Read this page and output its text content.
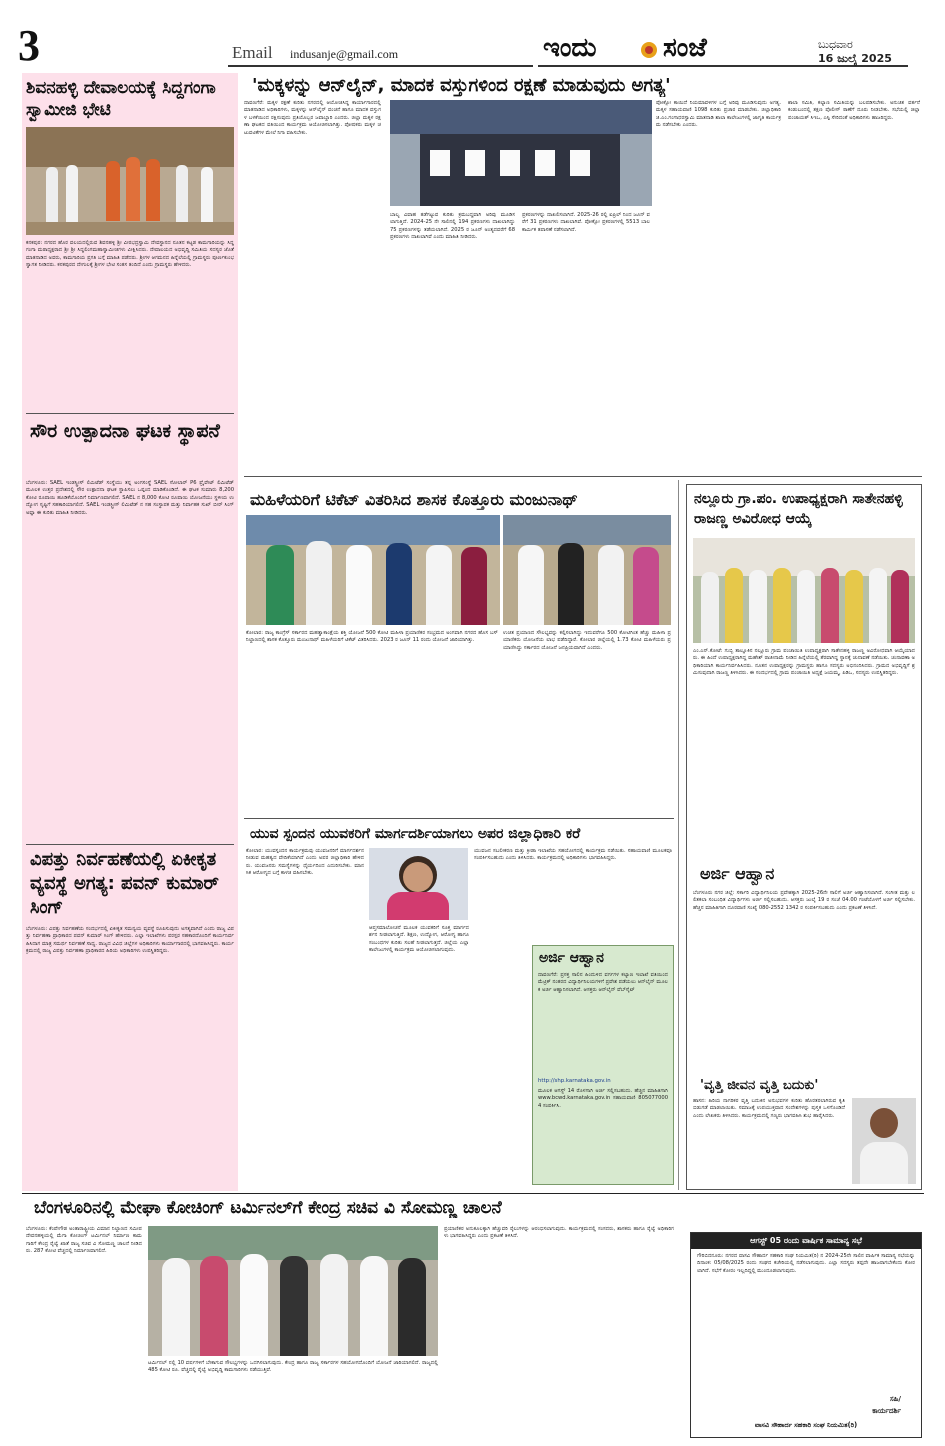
3	Email indusanje@gmail.com	ಇಂದು	ಸಂಜೆ	ಬುಧವಾರ
16 ಜುಲೈ 2025
ಶಿವನಹಳ್ಳಿ ದೇವಾಲಯಕ್ಕೆ ಸಿದ್ದಗಂಗಾ ಸ್ವಾಮೀಜಿ ಭೇಟಿ
ಕನಕಪುರ: ನಗರದ ಹೊರ ವಲಯದಲ್ಲಿರುವ ಶಿವನಹಳ್ಳಿ ಶ್ರೀ ವೀರಭದ್ರಸ್ವಾಮಿ ದೇವಸ್ಥಾನದ ನೂತನ ಕಟ್ಟಡ ಕಾಮಗಾರಿಯನ್ನು ಸಿದ್ದಗಂಗಾ ಮಠಾಧ್ಯಕ್ಷರಾದ ಶ್ರೀ ಶ್ರೀ ಸಿದ್ದಲಿಂಗಮಹಾಸ್ವಾಮೀಜಿಗಳು ವೀಕ್ಷಿಸಿದರು. ದೇವಾಲಯದ ಅಭಿವೃದ್ಧಿ ಸಮಿತಿಯ ಸದಸ್ಯರ ಜೊತೆ ಮಾತನಾಡಿದ ಅವರು, ಕಾಮಗಾರಿಯ ಪ್ರಗತಿ ಬಗ್ಗೆ ಮಾಹಿತಿ ಪಡೆದರು. ಶ್ರೀಗಳ ಆಗಮನದ ಹಿನ್ನೆಲೆಯಲ್ಲಿ ಗ್ರಾಮಸ್ಥರು ಪೂರ್ಣಕುಂಭ ಸ್ವಾಗತ ನೀಡಿದರು. ಕನಕಪುರದ ದೇಗುಲಕ್ಕೆ ಶ್ರೀಗಳ ಭೇಟಿ ಸಂತಸ ತಂದಿದೆ ಎಂದು ಗ್ರಾಮಸ್ಥರು ಹೇಳಿದರು.
ಸೌರ ಉತ್ಪಾದನಾ ಘಟಕ ಸ್ಥಾಪನೆ
ಬೆಂಗಳೂರು: SAEL ಇಂಡಸ್ಟ್ರೀಸ್ ಲಿಮಿಟೆಡ್ ಸಂಸ್ಥೆಯು ತನ್ನ ಅಂಗಸಂಸ್ಥೆ SAEL ಸೋಲಾರ್ P6 ಪ್ರೈವೇಟ್ ಲಿಮಿಟೆಡ್ ಮೂಲಕ ಉತ್ತರ ಪ್ರದೇಶದಲ್ಲಿ ಸೌರ ಉತ್ಪಾದನಾ ಘಟಕ ಸ್ಥಾಪಿಸಲು ಒಪ್ಪಂದ ಮಾಡಿಕೊಂಡಿದೆ. ಈ ಘಟಕ ಸುಮಾರು 8,200 ಕೋಟಿ ರೂಪಾಯಿ ಹೂಡಿಕೆಯೊಂದಿಗೆ ನಿರ್ಮಾಣವಾಗಲಿದೆ. SAEL ನ 8,000 ಕೋಟಿ ರೂಪಾಯಿ ಯೋಜನೆಯು ಸ್ಥಳೀಯ ಉದ್ಯೋಗ ಸೃಷ್ಟಿಗೆ ಸಹಕಾರಿಯಾಗಲಿದೆ. SAEL ಇಂಡಸ್ಟ್ರೀಸ್ ಲಿಮಿಟೆಡ್ ನ ಸಹ ಸಂಸ್ಥಾಪಕ ಮತ್ತು ನಿರ್ವಾಹಕ ಸುಖ್ ಬೀರ್ ಸಿಂಗ್ ಅವ್ಲಾ ಈ ಕುರಿತು ಮಾಹಿತಿ ನೀಡಿದರು.
ವಿಪತ್ತು ನಿರ್ವಹಣೆಯಲ್ಲಿ ಏಕೀಕೃತ ವ್ಯವಸ್ಥೆ ಅಗತ್ಯ: ಪವನ್ ಕುಮಾರ್ ಸಿಂಗ್
ಬೆಂಗಳೂರು: ವಿಪತ್ತು ನಿರ್ವಹಣೆಯ ಸಂದರ್ಭದಲ್ಲಿ ಏಕೀಕೃತ ಸಮನ್ವಯ ವ್ಯವಸ್ಥೆ ರೂಪಿಸುವುದು ಅಗತ್ಯವಾಗಿದೆ ಎಂದು ರಾಜ್ಯ ವಿಪತ್ತು ನಿರ್ವಹಣಾ ಪ್ರಾಧಿಕಾರದ ಪವನ್ ಕುಮಾರ್ ಸಿಂಗ್ ಹೇಳಿದರು. ಎಲ್ಲಾ ಇಲಾಖೆಗಳು ಪರಸ್ಪರ ಸಹಕಾರದೊಂದಿಗೆ ಕಾರ್ಯನಿರ್ವಹಿಸಿದಾಗ ಮಾತ್ರ ಸಮರ್ಥ ನಿರ್ವಹಣೆ ಸಾಧ್ಯ. ರಾಜ್ಯದ ವಿವಿಧ ಜಿಲ್ಲೆಗಳ ಅಧಿಕಾರಿಗಳು ಕಾರ್ಯಾಗಾರದಲ್ಲಿ ಭಾಗವಹಿಸಿದ್ದರು. ಕಾರ್ಯಕ್ರಮದಲ್ಲಿ ರಾಜ್ಯ ವಿಪತ್ತು ನಿರ್ವಹಣಾ ಪ್ರಾಧಿಕಾರದ ಹಿರಿಯ ಅಧಿಕಾರಿಗಳು ಉಪಸ್ಥಿತರಿದ್ದರು.
'ಮಕ್ಕಳನ್ನು ಆನ್‌ಲೈನ್, ಮಾದಕ ವಸ್ತುಗಳಿಂದ ರಕ್ಷಣೆ ಮಾಡುವುದು ಅಗತ್ಯ'
ದಾವಣಗೆರೆ: ಮಕ್ಕಳ ರಕ್ಷಣೆ ಕುರಿತು ನಗರದಲ್ಲಿ ಆಯೋಜಿಸಿದ್ದ ಕಾರ್ಯಾಗಾರದಲ್ಲಿ ಮಾತನಾಡಿದ ಅಧಿಕಾರಿಗಳು, ಮಕ್ಕಳನ್ನು ಆನ್‌ಲೈನ್ ವಂಚನೆ ಹಾಗೂ ಮಾದಕ ವಸ್ತುಗಳ ಬಳಕೆಯಿಂದ ರಕ್ಷಿಸುವುದು ಪ್ರತಿಯೊಬ್ಬರ ಜವಾಬ್ದಾರಿ ಎಂದರು. ಜಿಲ್ಲಾ ಮಕ್ಕಳ ರಕ್ಷಣಾ ಘಟಕದ ವತಿಯಿಂದ ಕಾರ್ಯಕ್ರಮ ಆಯೋಜಿಸಲಾಗಿತ್ತು. ಪೋಷಕರು ಮಕ್ಕಳ ಚಟುವಟಿಕೆಗಳ ಮೇಲೆ ನಿಗಾ ವಹಿಸಬೇಕು.
ಬಾಲ್ಯ ವಿವಾಹ ತಡೆಗಟ್ಟುವ ಕುರಿತು ಕ್ರಮಬದ್ಧವಾಗಿ ಅರಿವು ಮೂಡಿಸಲಾಗುತ್ತಿದೆ. 2024-25 ನೇ ಸಾಲಿನಲ್ಲಿ 194 ಪ್ರಕರಣಗಳು ದಾಖಲಾಗಿದ್ದು 75 ಪ್ರಕರಣಗಳನ್ನು ತಡೆಯಲಾಗಿದೆ. 2025 ರ ಜೂನ್ ಅಂತ್ಯದವರೆಗೆ 68 ಪ್ರಕರಣಗಳು ದಾಖಲಾಗಿವೆ ಎಂದು ಮಾಹಿತಿ ನೀಡಿದರು.
ಪ್ರಕರಣಗಳನ್ನು ದಾಖಲಿಸಲಾಗಿದೆ. 2025-26 ರಲ್ಲಿ ಏಪ್ರಿಲ್ ನಿಂದ ಜೂನ್ ವರೆಗೆ 31 ಪ್ರಕರಣಗಳು ದಾಖಲಾಗಿವೆ. ಪೋಕ್ಸೋ ಪ್ರಕರಣಗಳಲ್ಲಿ 5513 ಬಾಲ ಕಾರ್ಮಿಕ ತಪಾಸಣೆ ನಡೆಸಲಾಗಿದೆ.
ಪೋಕ್ಸೋ ಕಾಯಿದೆ ನಿಯಮಾವಳಿಗಳ ಬಗ್ಗೆ ಅರಿವು ಮೂಡಿಸುವುದು ಅಗತ್ಯ. ಮಕ್ಕಳ ಸಹಾಯವಾಣಿ 1098 ಕುರಿತು ಪ್ರಚಾರ ಮಾಡಬೇಕು. ಜಿಲ್ಲಾಧಿಕಾರಿ ಜಿ.ಎಂ.ಗಂಗಾಧರಸ್ವಾಮಿ ಮಾತನಾಡಿ ಶಾಲಾ ಕಾಲೇಜುಗಳಲ್ಲಿ ಜಾಗೃತಿ ಕಾರ್ಯಕ್ರಮ ನಡೆಸಬೇಕು ಎಂದರು.
ಶಾಲಾ ಸಮಿತಿ, ಕಲ್ಯಾಣ ಸಮಿತಿಯನ್ನು ಬಲಪಡಿಸಬೇಕು. ಅನುಚಿತ ವರ್ತನೆ ಕಂಡುಬಂದಲ್ಲಿ ತಕ್ಷಣ ಪೊಲೀಸ್ ಠಾಣೆಗೆ ದೂರು ನೀಡಬೇಕು. ಸಭೆಯಲ್ಲಿ ಜಿಲ್ಲಾ ಪಂಚಾಯತ್ ಸಿಇಒ, ಎಸ್ಪಿ ಸೇರಿದಂತೆ ಅಧಿಕಾರಿಗಳು ಹಾಜರಿದ್ದರು.
ಮಹಿಳೆಯರಿಗೆ ಟಿಕೆಟ್ ವಿತರಿಸಿದ ಶಾಸಕ ಕೊತ್ತೂರು ಮಂಜುನಾಥ್
ಕೋಲಾರ: ರಾಜ್ಯ ಕಾಂಗ್ರೆಸ್ ಸರ್ಕಾರದ ಮಹತ್ವಾಕಾಂಕ್ಷೆಯ ಶಕ್ತಿ ಯೋಜನೆ 500 ಕೋಟಿ ಮಹಿಳಾ ಪ್ರಯಾಣಿಕರ ಸಂಭ್ರಮದ ಅಂಗವಾಗಿ ನಗರದ ಹೊಸ ಬಸ್ ನಿಲ್ದಾಣದಲ್ಲಿ ಶಾಸಕ ಕೊತ್ತೂರು ಮಂಜುನಾಥ್ ಮಹಿಳೆಯರಿಗೆ ಟಿಕೆಟ್ ವಿತರಿಸಿದರು. 2023 ರ ಜೂನ್ 11 ರಂದು ಯೋಜನೆ ಜಾರಿಯಾಗಿತ್ತು.
ಉಚಿತ ಪ್ರಯಾಣದ ಸೌಲಭ್ಯವನ್ನು ಕಲ್ಪಿಸಲಾಗಿದ್ದು ಇದುವರೆಗೂ 500 ಕೋಟಿಗಿಂತ ಹೆಚ್ಚು ಮಹಿಳಾ ಪ್ರಯಾಣಿಕರು ಯೋಜನೆಯ ಲಾಭ ಪಡೆದಿದ್ದಾರೆ. ಕೋಲಾರ ಜಿಲ್ಲೆಯಲ್ಲಿ 1.73 ಕೋಟಿ ಮಹಿಳೆಯರು ಪ್ರಯಾಣಿಸಿದ್ದು ಸರ್ಕಾರದ ಯೋಜನೆ ಜನಪ್ರಿಯವಾಗಿದೆ ಎಂದರು.
ಯುವ ಸ್ಪಂದನ ಯುವಕರಿಗೆ ಮಾರ್ಗದರ್ಶಿಯಾಗಲು ಅಪರ ಜಿಲ್ಲಾಧಿಕಾರಿ ಕರೆ
ಕೋಲಾರ: ಯುವಸ್ಪಂದನ ಕಾರ್ಯಕ್ರಮವು ಯುವಜನರಿಗೆ ಮಾರ್ಗದರ್ಶನ ನೀಡುವ ಮಹತ್ವದ ವೇದಿಕೆಯಾಗಿದೆ ಎಂದು ಅಪರ ಜಿಲ್ಲಾಧಿಕಾರಿ ಹೇಳಿದರು. ಯುವಜನರು ಸಮಸ್ಯೆಗಳನ್ನು ಧೈರ್ಯದಿಂದ ಎದುರಿಸಬೇಕು. ಮಾನಸಿಕ ಆರೋಗ್ಯದ ಬಗ್ಗೆ ಕಾಳಜಿ ವಹಿಸಬೇಕು.
ಆಪ್ತಸಮಾಲೋಚನೆ ಮೂಲಕ ಯುವಕರಿಗೆ ಸೂಕ್ತ ಮಾರ್ಗದರ್ಶನ ನೀಡಲಾಗುತ್ತಿದೆ. ಶಿಕ್ಷಣ, ಉದ್ಯೋಗ, ಆರೋಗ್ಯ ಹಾಗೂ ಸಂಬಂಧಗಳ ಕುರಿತು ಸಲಹೆ ನೀಡಲಾಗುತ್ತದೆ. ಜಿಲ್ಲೆಯ ಎಲ್ಲಾ ಕಾಲೇಜುಗಳಲ್ಲಿ ಕಾರ್ಯಕ್ರಮ ಆಯೋಜಿಸಲಾಗುವುದು.
ಯುವಜನ ಸಬಲೀಕರಣ ಮತ್ತು ಕ್ರೀಡಾ ಇಲಾಖೆಯ ಸಹಯೋಗದಲ್ಲಿ ಕಾರ್ಯಕ್ರಮ ನಡೆಯಿತು. ಸಹಾಯವಾಣಿ ಮೂಲಕವೂ ಸಂಪರ್ಕಿಸಬಹುದು ಎಂದು ತಿಳಿಸಿದರು. ಕಾರ್ಯಕ್ರಮದಲ್ಲಿ ಅಧಿಕಾರಿಗಳು ಭಾಗವಹಿಸಿದ್ದರು.
ಅರ್ಜಿ ಆಹ್ವಾನ
ದಾವಣಗೆರೆ: ಪ್ರಸಕ್ತ ಸಾಲಿನ ಹಿಂದುಳಿದ ವರ್ಗಗಳ ಕಲ್ಯಾಣ ಇಲಾಖೆ ವತಿಯಿಂದ ಮೆಟ್ರಿಕ್ ನಂತರದ ವಿದ್ಯಾರ್ಥಿನಿಲಯಗಳಿಗೆ ಪ್ರವೇಶ ಪಡೆಯಲು ಆನ್‌ಲೈನ್ ಮೂಲಕ ಅರ್ಜಿ ಆಹ್ವಾನಿಸಲಾಗಿದೆ. ಆಸಕ್ತರು ಆನ್‌ಲೈನ್ ವೆಬ್‌ಸೈಟ್
http://shp.karnataka.gov.in
ಮೂಲಕ ಆಗಸ್ಟ್ 14 ರೊಳಗಾಗಿ ಅರ್ಜಿ ಸಲ್ಲಿಸಬಹುದು. ಹೆಚ್ಚಿನ ಮಾಹಿತಿಗಾಗಿ www.bcwd.karnataka.gov.in ಸಹಾಯವಾಣಿ 8050770004 ಸಂಪರ್ಕಿಸಿ.
ನಲ್ಲೂರು ಗ್ರಾ.ಪಂ. ಉಪಾಧ್ಯಕ್ಷರಾಗಿ ಸಾತೇನಹಳ್ಳಿ ರಾಜಣ್ಣ ಅವಿರೋಧ ಆಯ್ಕೆ
ಎಂ.ಎನ್.ಕೋಟೆ: ಗುಬ್ಬಿ ತಾಲ್ಲೂಕಿನ ನಲ್ಲೂರು ಗ್ರಾಮ ಪಂಚಾಯಿತಿ ಉಪಾಧ್ಯಕ್ಷರಾಗಿ ಸಾತೇನಹಳ್ಳಿ ರಾಜಣ್ಣ ಅವಿರೋಧವಾಗಿ ಆಯ್ಕೆಯಾದರು. ಈ ಹಿಂದೆ ಉಪಾಧ್ಯಕ್ಷರಾಗಿದ್ದ ಮಹೇಶ್ ರಾಜೀನಾಮೆ ನೀಡಿದ ಹಿನ್ನೆಲೆಯಲ್ಲಿ ತೆರವಾಗಿದ್ದ ಸ್ಥಾನಕ್ಕೆ ಚುನಾವಣೆ ನಡೆಯಿತು. ಚುನಾವಣಾ ಅಧಿಕಾರಿಯಾಗಿ ಕಾರ್ಯನಿರ್ವಹಿಸಿದರು. ನೂತನ ಉಪಾಧ್ಯಕ್ಷರನ್ನು ಗ್ರಾಮಸ್ಥರು ಹಾಗೂ ಸದಸ್ಯರು ಅಭಿನಂದಿಸಿದರು. ಗ್ರಾಮದ ಅಭಿವೃದ್ಧಿಗೆ ಶ್ರಮಿಸುವುದಾಗಿ ರಾಜಣ್ಣ ತಿಳಿಸಿದರು. ಈ ಸಂದರ್ಭದಲ್ಲಿ ಗ್ರಾಮ ಪಂಚಾಯಿತಿ ಅಧ್ಯಕ್ಷೆ ಜಯಮ್ಮ, ಪಿಡಿಒ, ಸದಸ್ಯರು ಉಪಸ್ಥಿತರಿದ್ದರು.
ಅರ್ಜಿ ಆಹ್ವಾನ
ಬೆಂಗಳೂರು ನಗರ ಜಿಲ್ಲೆ: ಸರ್ಕಾರಿ ವಿದ್ಯಾರ್ಥಿನಿಲಯ ಪ್ರವೇಶಕ್ಕಾಗಿ 2025-26ನೇ ಸಾಲಿಗೆ ಅರ್ಜಿ ಆಹ್ವಾನಿಸಲಾಗಿದೆ. ಸಂಗೀತ ಮತ್ತು ಲಲಿತಕಲಾ ಸಂಬಂಧಿತ ವಿದ್ಯಾರ್ಥಿಗಳು ಅರ್ಜಿ ಸಲ್ಲಿಸಬಹುದು. ಆಸಕ್ತರು ಜುಲೈ 19 ರ ಸಂಜೆ 04.00 ಗಂಟೆಯೊಳಗೆ ಅರ್ಜಿ ಸಲ್ಲಿಸಬೇಕು. ಹೆಚ್ಚಿನ ಮಾಹಿತಿಗಾಗಿ ದೂರವಾಣಿ ಸಂಖ್ಯೆ 080-2552 1342 ರ ಸಂಪರ್ಕಿಸಬಹುದು ಎಂದು ಪ್ರಕಟಣೆ ತಿಳಿಸಿದೆ.
'ವೃತ್ತಿ ಜೀವನ ವೃತ್ತಿ ಬದುಕು'
ಹಾಸನ: ಹಿರಿಯ ನಾಗರಿಕರ ವೃತ್ತಿ ಬದುಕಿನ ಅನುಭವಗಳ ಕುರಿತು ಹೊರತರಲಾಗಿರುವ ಕೃತಿ ಬಿಡುಗಡೆ ಮಾಡಲಾಯಿತು. ಸಮಾಜಕ್ಕೆ ಉಪಯುಕ್ತವಾದ ಸಂದೇಶಗಳನ್ನು ಪುಸ್ತಕ ಒಳಗೊಂಡಿದೆ ಎಂದು ಲೇಖಕರು ತಿಳಿಸಿದರು. ಕಾರ್ಯಕ್ರಮದಲ್ಲಿ ಗಣ್ಯರು ಭಾಗವಹಿಸಿ ಶುಭ ಹಾರೈಸಿದರು.
ಬೆಂಗಳೂರಿನಲ್ಲಿ ಮೇಘಾ ಕೋಚಿಂಗ್ ಟರ್ಮಿನಲ್‌ಗೆ ಕೇಂದ್ರ ಸಚಿವ ವಿ ಸೋಮಣ್ಣ ಚಾಲನೆ
ಬೆಂಗಳೂರು: ಕೆಂಪೇಗೌಡ ಅಂತಾರಾಷ್ಟ್ರೀಯ ವಿಮಾನ ನಿಲ್ದಾಣದ ಸಮೀಪ ದೇವನಹಳ್ಳಿಯಲ್ಲಿ ಮೆಗಾ ಕೋಚಿಂಗ್ ಟರ್ಮಿನಲ್ ನಿರ್ಮಾಣ ಕಾಮಗಾರಿಗೆ ಕೇಂದ್ರ ರೈಲ್ವೆ ಖಾತೆ ರಾಜ್ಯ ಸಚಿವ ವಿ ಸೋಮಣ್ಣ ಚಾಲನೆ ನೀಡಿದರು. 287 ಕೋಟಿ ವೆಚ್ಚದಲ್ಲಿ ನಿರ್ಮಾಣವಾಗಲಿದೆ.
ಟರ್ಮಿನಲ್ ನಲ್ಲಿ 10 ವರ್ಷಗಳಿಗೆ ಬೇಕಾಗುವ ಸೌಲಭ್ಯಗಳನ್ನು ಒದಗಿಸಲಾಗುವುದು. ಕೇಂದ್ರ ಹಾಗೂ ರಾಜ್ಯ ಸರ್ಕಾರಗಳ ಸಹಯೋಗದೊಂದಿಗೆ ಯೋಜನೆ ಜಾರಿಯಾಗಲಿದೆ. ರಾಜ್ಯದಲ್ಲಿ 485 ಕೋಟಿ ರೂ. ವೆಚ್ಚದಲ್ಲಿ ರೈಲ್ವೆ ಅಭಿವೃದ್ಧಿ ಕಾಮಗಾರಿಗಳು ನಡೆಯುತ್ತಿವೆ.
ಪ್ರಯಾಣಿಕರ ಅನುಕೂಲಕ್ಕಾಗಿ ಹೆಚ್ಚುವರಿ ರೈಲುಗಳನ್ನು ಆರಂಭಿಸಲಾಗುವುದು. ಕಾರ್ಯಕ್ರಮದಲ್ಲಿ ಸಂಸದರು, ಶಾಸಕರು ಹಾಗೂ ರೈಲ್ವೆ ಅಧಿಕಾರಿಗಳು ಭಾಗವಹಿಸಿದ್ದರು ಎಂದು ಪ್ರಕಟಣೆ ತಿಳಿಸಿದೆ.	ಆಗಸ್ಟ್ 05 ರಂದು ವಾರ್ಷಿಕ ಸಾಮಾನ್ಯ ಸಭೆ
ಗೌರಿಬಿದನೂರು: ನಗರದ ವಾಸವಿ ಸೌಹಾರ್ದ ಸಹಕಾರಿ ಸಂಘ ನಿಯಮಿತ(ರಿ) ನ 2024-25ನೇ ಸಾಲಿನ ವಾರ್ಷಿಕ ಸಾಮಾನ್ಯ ಸಭೆಯನ್ನು ದಿನಾಂಕ: 05/08/2025 ರಂದು ಸಂಘದ ಕಚೇರಿಯಲ್ಲಿ ನಡೆಸಲಾಗುವುದು. ಎಲ್ಲಾ ಸದಸ್ಯರು ತಪ್ಪದೇ ಹಾಜರಾಗಬೇಕೆಂದು ಕೋರಲಾಗಿದೆ. ಸಭೆಗೆ ಕೋರಂ ಇಲ್ಲದಿದ್ದಲ್ಲಿ ಮುಂದೂಡಲಾಗುವುದು.
ಸಹಿ/
ಕಾರ್ಯದರ್ಶಿ
ವಾಸವಿ ಸೌಹಾರ್ದ ಸಹಕಾರಿ ಸಂಘ ನಿಯಮಿತ(ರಿ)
